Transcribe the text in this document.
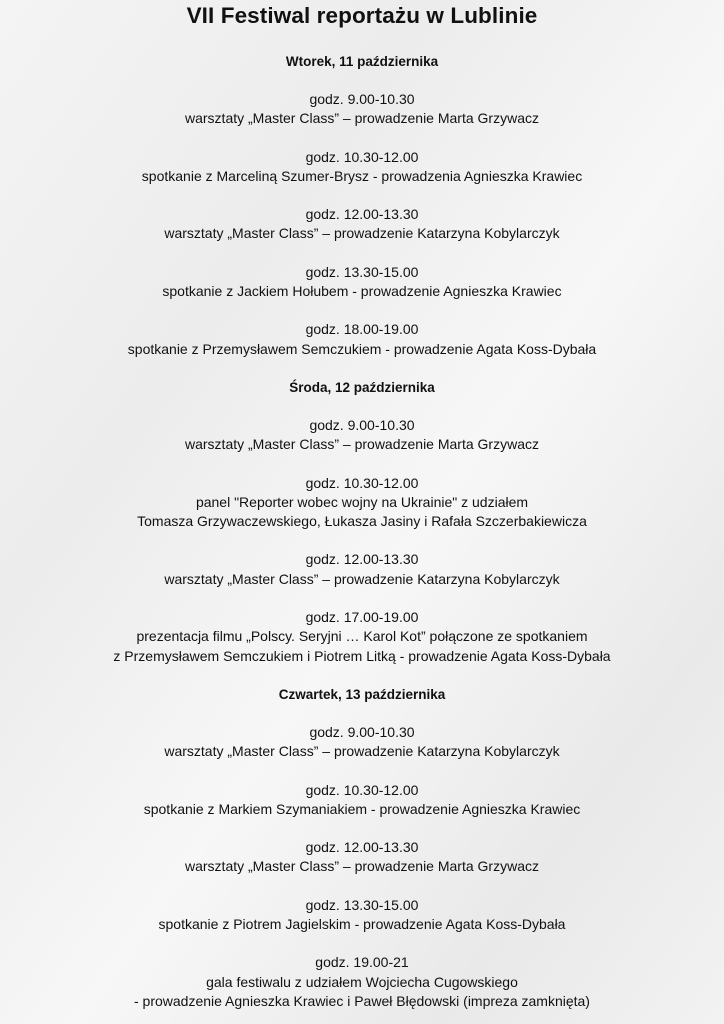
VII Festiwal reportażu w Lublinie
Wtorek, 11 października
godz. 9.00-10.30
warsztaty „Master Class” – prowadzenie Marta Grzywacz
godz. 10.30-12.00
spotkanie z Marceliną Szumer-Brysz - prowadzenia Agnieszka Krawiec
godz. 12.00-13.30
warsztaty „Master Class” – prowadzenie Katarzyna Kobylarczyk
godz. 13.30-15.00
spotkanie z Jackiem Hołubem - prowadzenie Agnieszka Krawiec
godz. 18.00-19.00
spotkanie z Przemysławem Semczukiem - prowadzenie Agata Koss-Dybała
Środa, 12 października
godz. 9.00-10.30
warsztaty „Master Class” – prowadzenie Marta Grzywacz
godz. 10.30-12.00
panel "Reporter wobec wojny na Ukrainie" z udziałem
Tomasza Grzywaczewskiego, Łukasza Jasiny i Rafała Szczerbakiewicza
godz. 12.00-13.30
warsztaty „Master Class” – prowadzenie Katarzyna Kobylarczyk
godz. 17.00-19.00
prezentacja filmu „Polscy. Seryjni … Karol Kot” połączone ze spotkaniem
z Przemysławem Semczukiem i Piotrem Litką - prowadzenie Agata Koss-Dybała
Czwartek, 13 października
godz. 9.00-10.30
warsztaty „Master Class” – prowadzenie Katarzyna Kobylarczyk
godz. 10.30-12.00
spotkanie z Markiem Szymaniakiem - prowadzenie Agnieszka Krawiec
godz. 12.00-13.30
warsztaty „Master Class” – prowadzenie Marta Grzywacz
godz. 13.30-15.00
spotkanie z Piotrem Jagielskim - prowadzenie Agata Koss-Dybała
godz. 19.00-21
gala festiwalu z udziałem Wojciecha Cugowskiego
- prowadzenie Agnieszka Krawiec i Paweł Błędowski (impreza zamknięta)
